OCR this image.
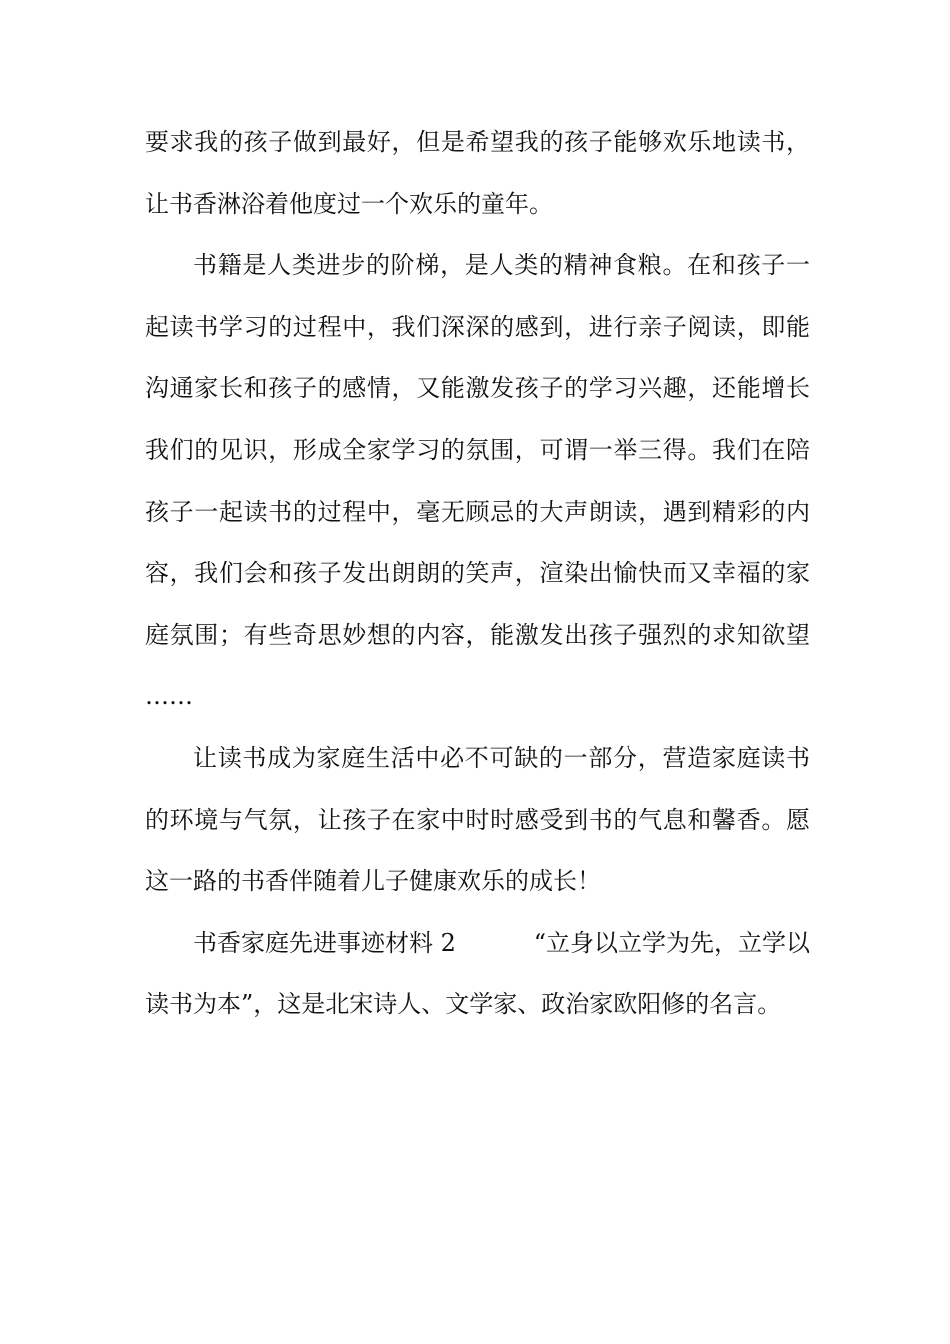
要求我的孩子做到最好，但是希望我的孩子能够欢乐地读书，
让书香淋浴着他度过一个欢乐的童年。
书籍是人类进步的阶梯，是人类的精神食粮。在和孩子一
起读书学习的过程中，我们深深的感到，进行亲子阅读，即能
沟通家长和孩子的感情，又能激发孩子的学习兴趣，还能增长
我们的见识，形成全家学习的氛围，可谓一举三得。我们在陪
孩子一起读书的过程中，毫无顾忌的大声朗读，遇到精彩的内
容，我们会和孩子发出朗朗的笑声，渲染出愉快而又幸福的家
庭氛围；有些奇思妙想的内容，能激发出孩子强烈的求知欲望
……
让读书成为家庭生活中必不可缺的一部分，营造家庭读书
的环境与气氛，让孩子在家中时时感受到书的气息和馨香。愿
这一路的书香伴随着儿子健康欢乐的成长！
书香家庭先进事迹材料 2	“立身以立学为先，立学以
读书为本”，这是北宋诗人、文学家、政治家欧阳修的名言。
